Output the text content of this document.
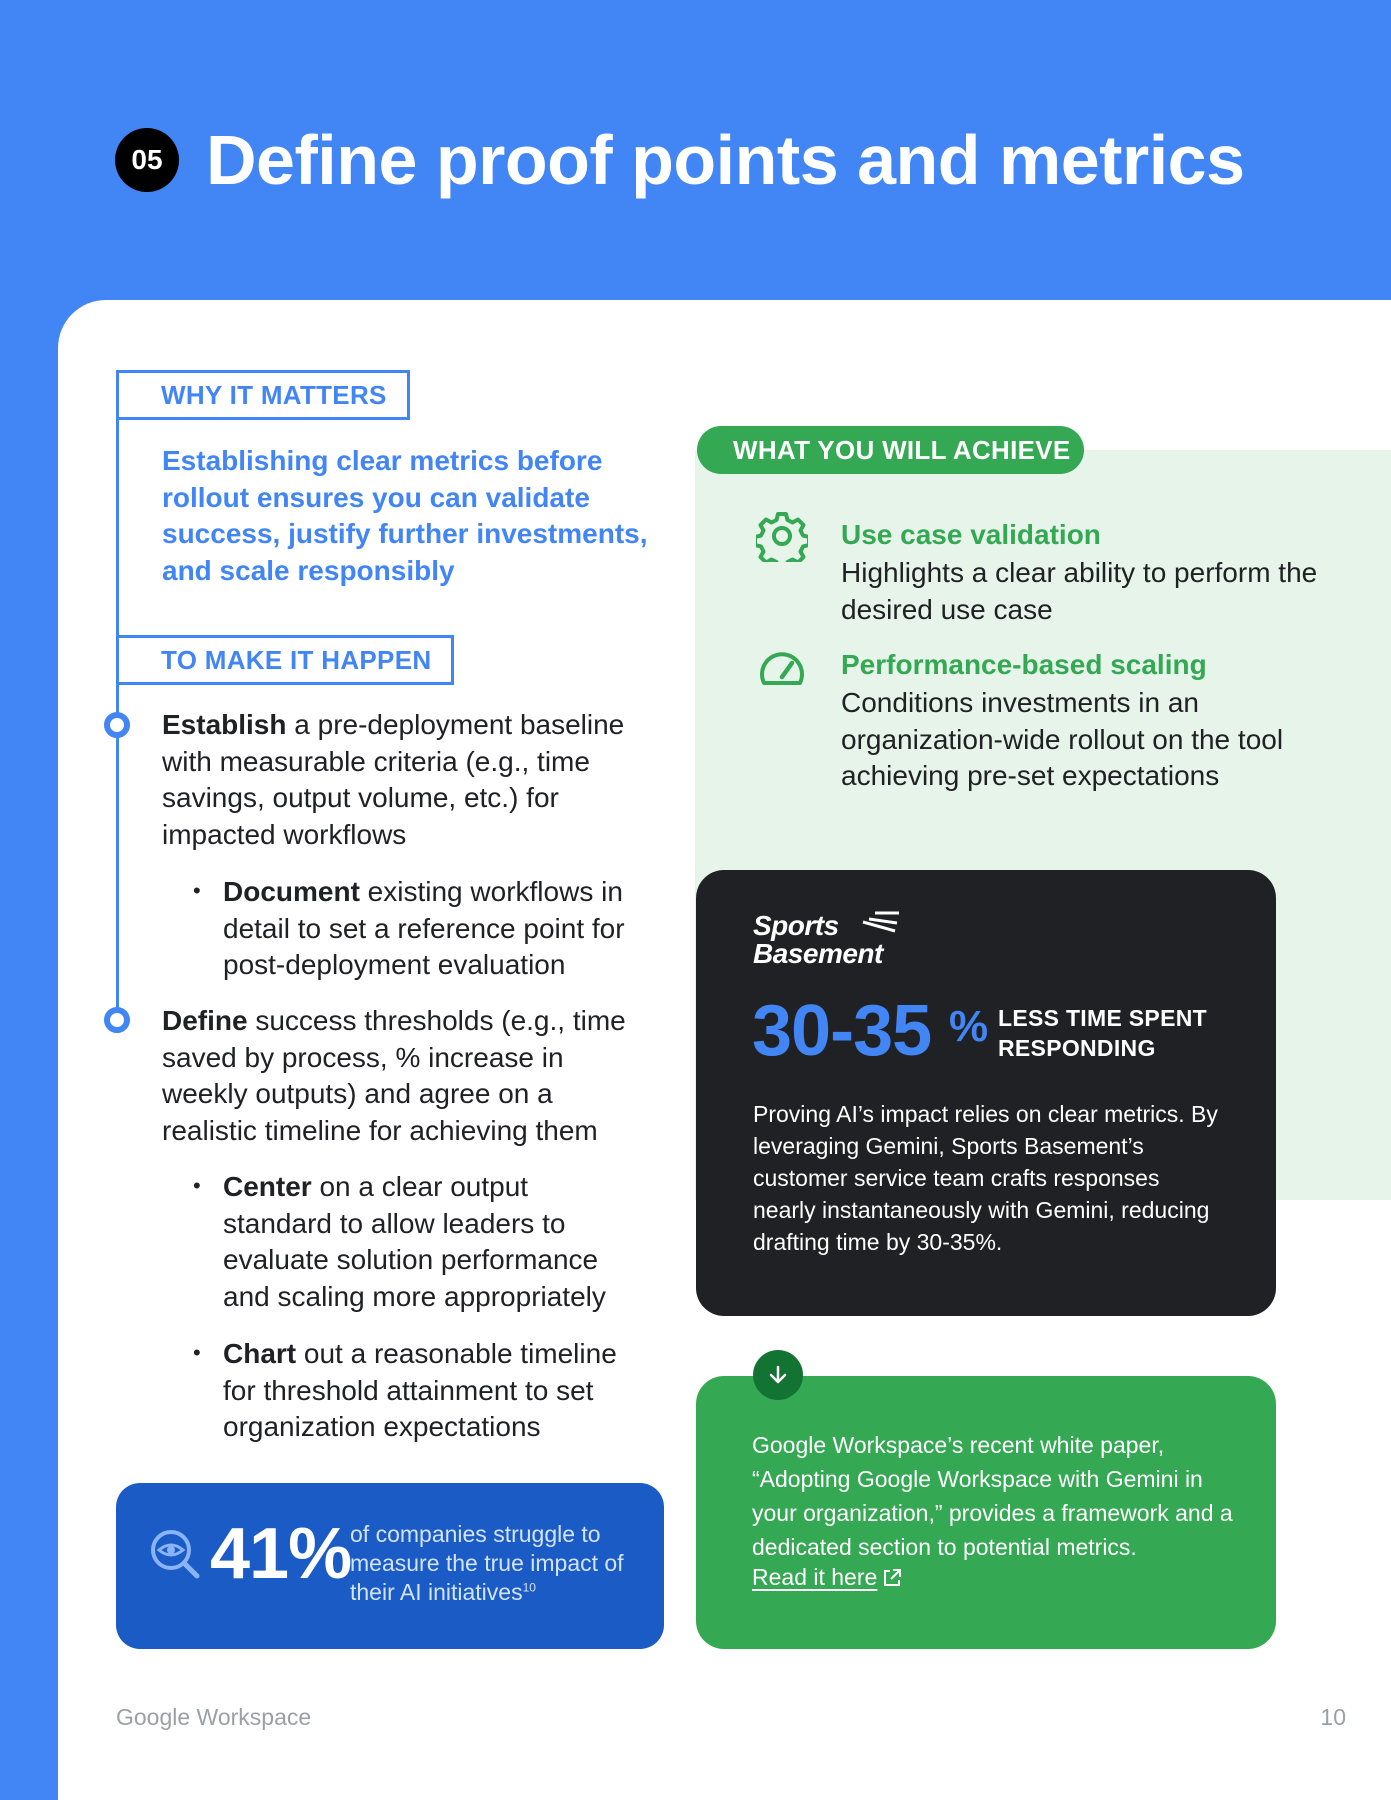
05 Define proof points and metrics
WHY IT MATTERS
Establishing clear metrics before rollout ensures you can validate success, justify further investments, and scale responsibly
TO MAKE IT HAPPEN
Establish a pre-deployment baseline with measurable criteria (e.g., time savings, output volume, etc.) for impacted workflows
• Document existing workflows in detail to set a reference point for post-deployment evaluation
Define success thresholds (e.g., time saved by process, % increase in weekly outputs) and agree on a realistic timeline for achieving them
• Center on a clear output standard to allow leaders to evaluate solution performance and scaling more appropriately
• Chart out a reasonable timeline for threshold attainment to set organization expectations
41%
of companies struggle to measure the true impact of their AI initiatives$^{10}$
WHAT YOU WILL ACHIEVE
Use case validation
Highlights a clear ability to perform the desired use case
Performance-based scaling
Conditions investments in an organization-wide rollout on the tool achieving pre-set expectations
Sports
Basement
30-35 % LESS TIME SPENT RESPONDING
Proving AI’s impact relies on clear metrics. By leveraging Gemini, Sports Basement’s customer service team crafts responses nearly instantaneously with Gemini, reducing drafting time by 30-35%.
Google Workspace’s recent white paper, “Adopting Google Workspace with Gemini in your organization,” provides a framework and a dedicated section to potential metrics.
Read it here
Google Workspace	10
